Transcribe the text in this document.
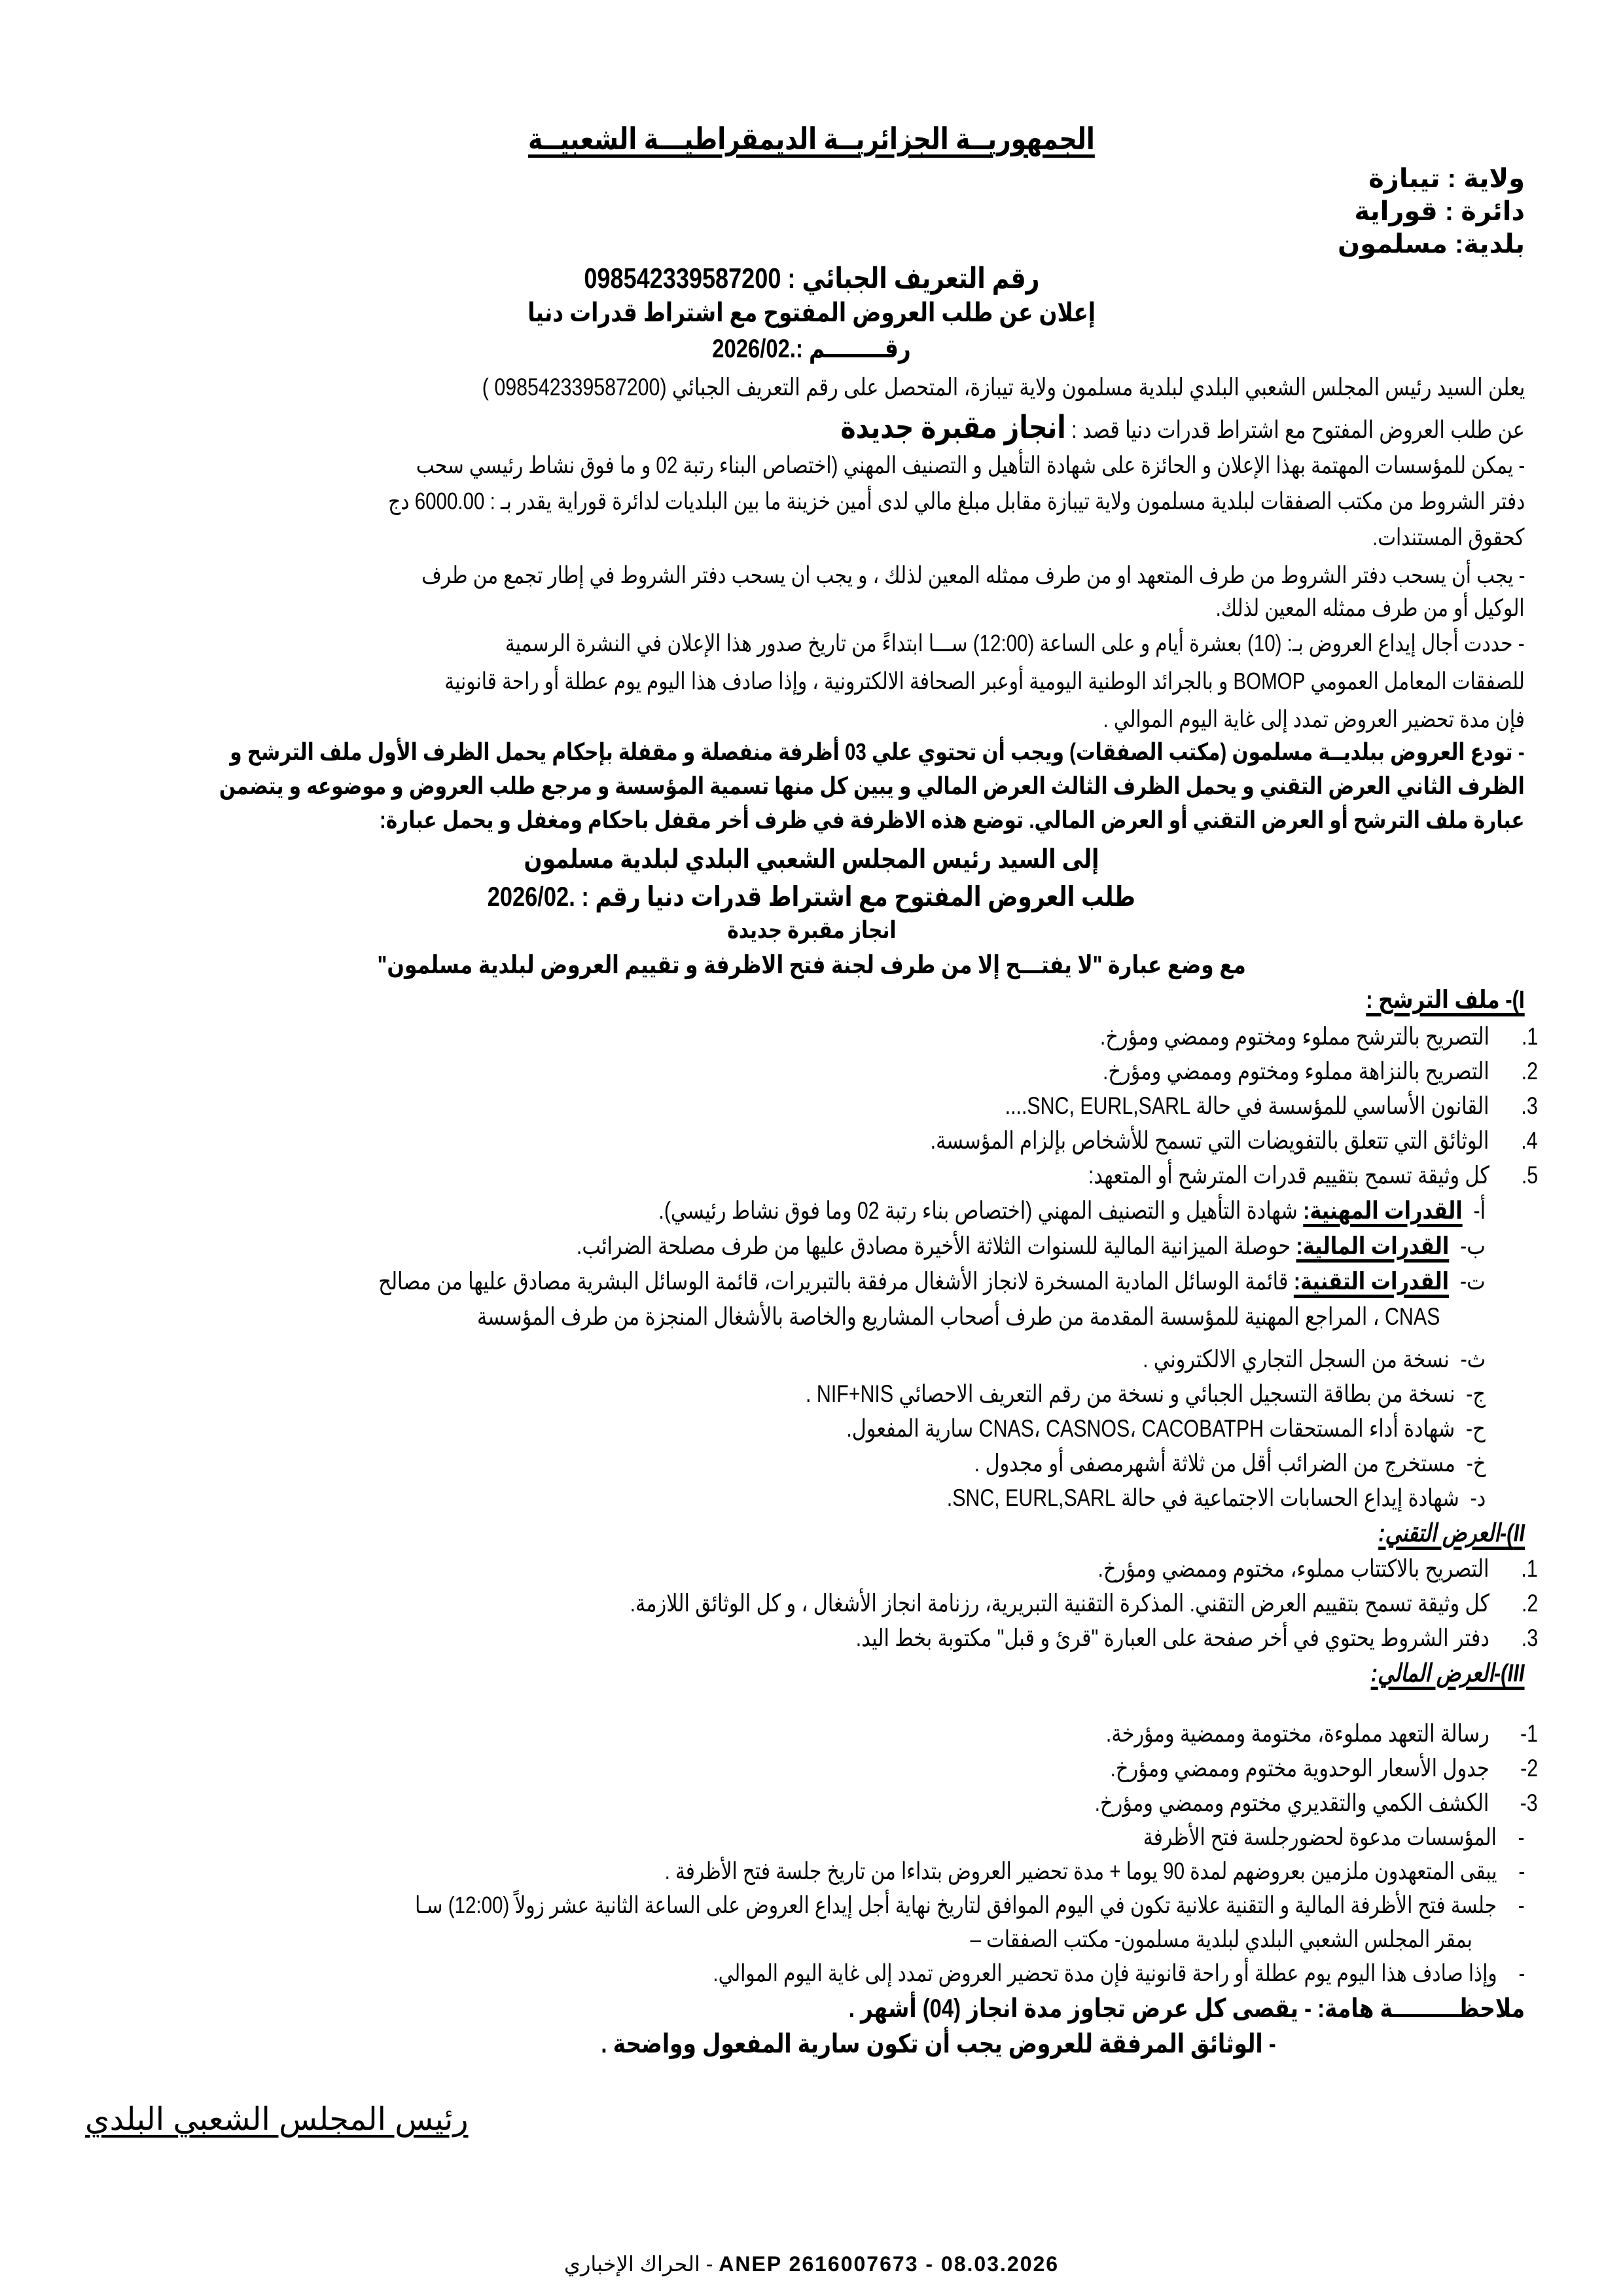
الجمهوريــة الجزائريــة الديمقراطيـــة الشعبيــة
ولاية : تيبازة
دائرة : قوراية
بلدية: مسلمون
رقم التعريف الجبائي : 098542339587200
إعلان عن طلب العروض المفتوح مع اشتراط قدرات دنيا
رقــــــــم :.2026/02
يعلن السيد رئيس المجلس الشعبي البلدي لبلدية مسلمون ولاية تيبازة، المتحصل على رقم التعريف الجبائي (098542339587200 )
عن طلب العروض المفتوح مع اشتراط قدرات دنيا قصد : انجاز مقبرة جديدة
- يمكن للمؤسسات المهتمة بهذا الإعلان و الحائزة على شهادة التأهيل و التصنيف المهني (اختصاص البناء رتبة 02 و ما فوق نشاط رئيسي سحب
دفتر الشروط من مكتب الصفقات لبلدية مسلمون ولاية تيبازة مقابل مبلغ مالي لدى أمين خزينة ما بين البلديات لدائرة قوراية يقدر بـ : 6000.00 دج
كحقوق المستندات.
- يجب أن يسحب دفتر الشروط من طرف المتعهد او من طرف ممثله المعين لذلك ، و يجب ان يسحب دفتر الشروط في إطار تجمع من طرف
الوكيل أو من طرف ممثله المعين لذلك.
- حددت أجال إيداع العروض بـ: (10) بعشرة أيام و على الساعة (12:00) ســـا ابتداءً من تاريخ صدور هذا الإعلان في النشرة الرسمية
للصفقات المعامل العمومي BOMOP و بالجرائد الوطنية اليومية أوعبر الصحافة الالكترونية ، وإذا صادف هذا اليوم يوم عطلة أو راحة قانونية
فإن مدة تحضير العروض تمدد إلى غاية اليوم الموالي .
- تودع العروض ببلديــة مسلمون (مكتب الصفقات) ويجب أن تحتوي علي 03 أظرفة منفصلة و مقفلة بإحكام يحمل الظرف الأول ملف الترشح و
الظرف الثاني العرض التقني و يحمل الظرف الثالث العرض المالي و يبين كل منها تسمية المؤسسة و مرجع طلب العروض و موضوعه و يتضمن
عبارة ملف الترشح أو العرض التقني أو العرض المالي. توضع هذه الاظرفة في ظرف أخر مقفل باحكام ومغفل و يحمل عبارة:
إلى السيد رئيس المجلس الشعبي البلدي لبلدية مسلمون
طلب العروض المفتوح مع اشتراط قدرات دنيا رقم : .2026/02
انجاز مقبرة جديدة
مع وضع عبارة "لا يفتـــح إلا من طرف لجنة فتح الاظرفة و تقييم العروض لبلدية مسلمون"
I)- ملف الترشح :
1.  التصريح بالترشح مملوء ومختوم وممضي ومؤرخ.
2.  التصريح بالنزاهة مملوء ومختوم وممضي ومؤرخ.
3.  القانون الأساسي للمؤسسة في حالة SNC, EURL,SARL....
4.  الوثائق التي تتعلق بالتفويضات التي تسمح للأشخاص بإلزام المؤسسة.
5.  كل وثيقة تسمح بتقييم قدرات المترشح أو المتعهد:
أ-  القدرات المهنية: شهادة التأهيل و التصنيف المهني (اختصاص بناء رتبة 02 وما فوق نشاط رئيسي).
ب-  القدرات المالية: حوصلة الميزانية المالية للسنوات الثلاثة الأخيرة مصادق عليها من طرف مصلحة الضرائب.
ت-  القدرات التقنية: قائمة الوسائل المادية المسخرة لانجاز الأشغال مرفقة بالتبريرات، قائمة الوسائل البشرية مصادق عليها من مصالح
CNAS ، المراجع المهنية للمؤسسة المقدمة من طرف أصحاب المشاريع والخاصة بالأشغال المنجزة من طرف المؤسسة
ث-  نسخة من السجل التجاري الالكتروني .
ج-  نسخة من بطاقة التسجيل الجبائي و نسخة من رقم التعريف الاحصائي NIF+NIS .
ح-  شهادة أداء المستحقات CNAS، CASNOS، CACOBATPH سارية المفعول.
خ-  مستخرج من الضرائب أقل من ثلاثة أشهرمصفى أو مجدول .
د-  شهادة إيداع الحسابات الاجتماعية في حالة SNC, EURL,SARL.
II)-العرض التقني:
1.  التصريح بالاكتتاب مملوء، مختوم وممضي ومؤرخ.
2.  كل وثيقة تسمح بتقييم العرض التقني. المذكرة التقنية التبريرية، رزنامة انجاز الأشغال ، و كل الوثائق اللازمة.
3.  دفتر الشروط يحتوي في أخر صفحة على العبارة "قرئ و قبل" مكتوبة بخط اليد.
III)-العرض المالي:
1-  رسالة التعهد مملوءة، مختومة وممضية ومؤرخة.
2-  جدول الأسعار الوحدوية مختوم وممضي ومؤرخ.
3-  الكشف الكمي والتقديري مختوم وممضي ومؤرخ.
-    المؤسسات مدعوة لحضورجلسة فتح الأظرفة
-    يبقى المتعهدون ملزمين بعروضهم لمدة 90 يوما + مدة تحضير العروض بتداءا من تاريخ جلسة فتح الأظرفة .
-    جلسة فتح الأظرفة المالية و التقنية علانية تكون في اليوم الموافق لتاريخ نهاية أجل إيداع العروض على الساعة الثانية عشر زولاً (12:00) سـا
بمقر المجلس الشعبي البلدي لبلدية مسلمون- مكتب الصفقات –
-    وإذا صادف هذا اليوم يوم عطلة أو راحة قانونية فإن مدة تحضير العروض تمدد إلى غاية اليوم الموالي.
ملاحظـــــــــة هامة: - يقصى كل عرض تجاوز مدة انجاز (04) أشهر .
- الوثائق المرفقة للعروض يجب أن تكون سارية المفعول وواضحة .
رئيس المجلس الشعبي البلدي
- الحراك الإخباري ANEP 2616007673 - 08.03.2026
